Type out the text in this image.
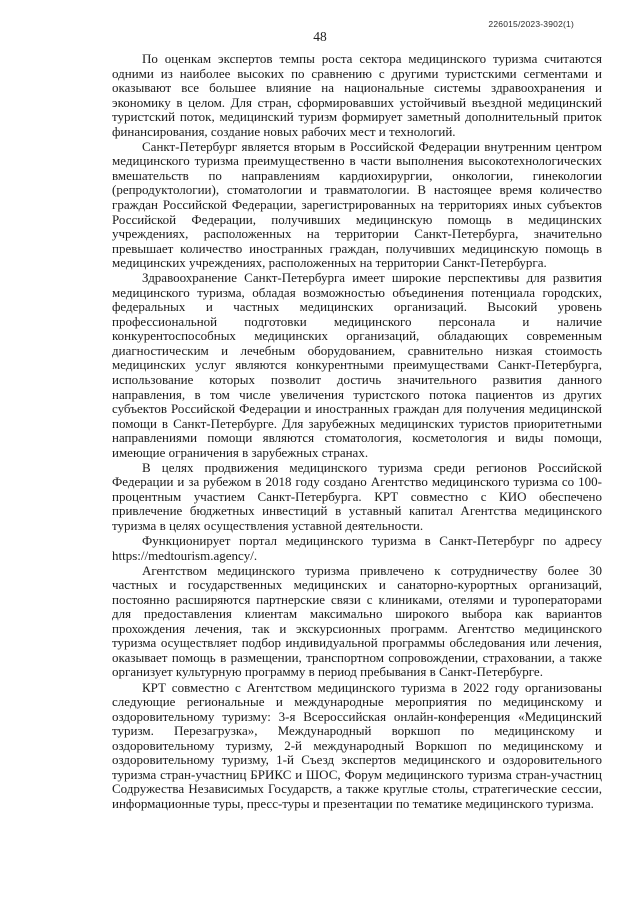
226015/2023-3902(1)
48

По оценкам экспертов темпы роста сектора медицинского туризма считаются одними из наиболее высоких по сравнению с другими туристскими сегментами и оказывают все большее влияние на национальные системы здравоохранения и экономику в целом. Для стран, сформировавших устойчивый въездной медицинский туристский поток, медицинский туризм формирует заметный дополнительный приток финансирования, создание новых рабочих мест и технологий.

Санкт-Петербург является вторым в Российской Федерации внутренним центром медицинского туризма преимущественно в части выполнения высокотехнологических вмешательств по направлениям кардиохирургии, онкологии, гинекологии (репродуктологии), стоматологии и травматологии. В настоящее время количество граждан Российской Федерации, зарегистрированных на территориях иных субъектов Российской Федерации, получивших медицинскую помощь в медицинских учреждениях, расположенных на территории Санкт-Петербурга, значительно превышает количество иностранных граждан, получивших медицинскую помощь в медицинских учреждениях, расположенных на территории Санкт-Петербурга.

Здравоохранение Санкт-Петербурга имеет широкие перспективы для развития медицинского туризма, обладая возможностью объединения потенциала городских, федеральных и частных медицинских организаций. Высокий уровень профессиональной подготовки медицинского персонала и наличие конкурентоспособных медицинских организаций, обладающих современным диагностическим и лечебным оборудованием, сравнительно низкая стоимость медицинских услуг являются конкурентными преимуществами Санкт-Петербурга, использование которых позволит достичь значительного развития данного направления, в том числе увеличения туристского потока пациентов из других субъектов Российской Федерации и иностранных граждан для получения медицинской помощи в Санкт-Петербурге. Для зарубежных медицинских туристов приоритетными направлениями помощи являются стоматология, косметология и виды помощи, имеющие ограничения в зарубежных странах.

В целях продвижения медицинского туризма среди регионов Российской Федерации и за рубежом в 2018 году создано Агентство медицинского туризма со 100-процентным участием Санкт-Петербурга. КРТ совместно с КИО обеспечено привлечение бюджетных инвестиций в уставный капитал Агентства медицинского туризма в целях осуществления уставной деятельности.

Функционирует портал медицинского туризма в Санкт-Петербург по адресу https://medtourism.agency/.

Агентством медицинского туризма привлечено к сотрудничеству более 30 частных и государственных медицинских и санаторно-курортных организаций, постоянно расширяются партнерские связи с клиниками, отелями и туроператорами для предоставления клиентам максимально широкого выбора как вариантов прохождения лечения, так и экскурсионных программ. Агентство медицинского туризма осуществляет подбор индивидуальной программы обследования или лечения, оказывает помощь в размещении, транспортном сопровождении, страховании, а также организует культурную программу в период пребывания в Санкт-Петербурге.

КРТ совместно с Агентством медицинского туризма в 2022 году организованы следующие региональные и международные мероприятия по медицинскому и оздоровительному туризму: 3-я Всероссийская онлайн-конференция «Медицинский туризм. Перезагрузка», Международный воркшоп по медицинскому и оздоровительному туризму, 2-й международный Воркшоп по медицинскому и оздоровительному туризму, 1-й Съезд экспертов медицинского и оздоровительного туризма стран-участниц БРИКС и ШОС, Форум медицинского туризма стран-участниц Содружества Независимых Государств, а также круглые столы, стратегические сессии, информационные туры, пресс-туры и презентации по тематике медицинского туризма.
